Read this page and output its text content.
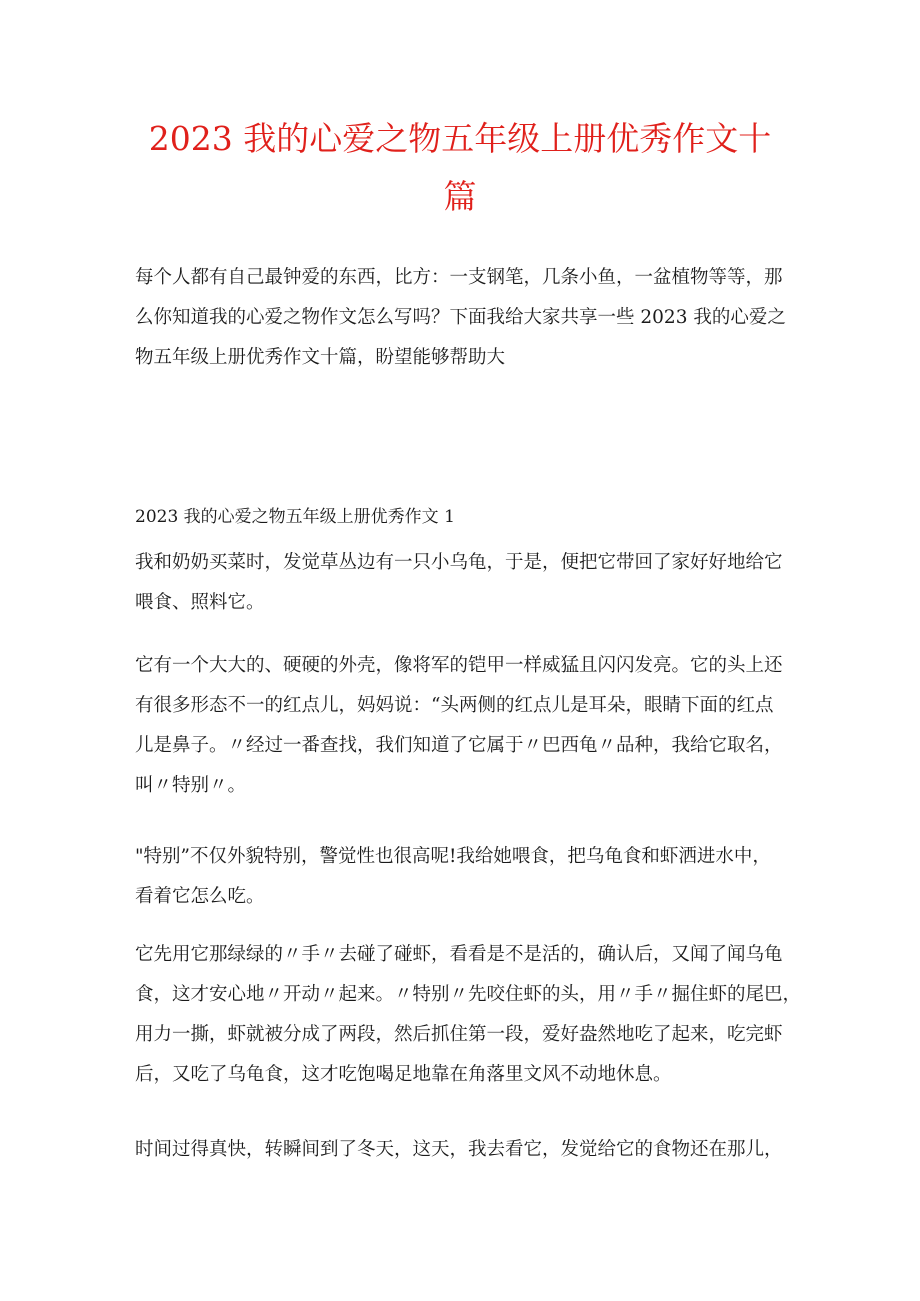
2023 我的心爱之物五年级上册优秀作文十
篇

每个人都有自己最钟爱的东西，比方：一支钢笔，几条小鱼，一盆植物等等，那
么你知道我的心爱之物作文怎么写吗？下面我给大家共享一些 2023 我的心爱之
物五年级上册优秀作文十篇，盼望能够帮助大

2023 我的心爱之物五年级上册优秀作文 1

我和奶奶买菜时，发觉草丛边有一只小乌龟，于是，便把它带回了家好好地给它
喂食、照料它。

它有一个大大的、硬硬的外壳，像将军的铠甲一样威猛且闪闪发亮。它的头上还
有很多形态不一的红点儿，妈妈说：“头两侧的红点儿是耳朵，眼睛下面的红点
儿是鼻子。〃经过一番查找，我们知道了它属于〃巴西龟〃品种，我给它取名，
叫〃特别〃。

"特别”不仅外貌特别，警觉性也很高呢!我给她喂食，把乌龟食和虾洒进水中，
看着它怎么吃。

它先用它那绿绿的〃手〃去碰了碰虾，看看是不是活的，确认后，又闻了闻乌龟
食，这才安心地〃开动〃起来。〃特别〃先咬住虾的头，用〃手〃掘住虾的尾巴，
用力一撕，虾就被分成了两段，然后抓住第一段，爱好盎然地吃了起来，吃完虾
后，又吃了乌龟食，这才吃饱喝足地靠在角落里文风不动地休息。

时间过得真快，转瞬间到了冬天，这天，我去看它，发觉给它的食物还在那儿，
